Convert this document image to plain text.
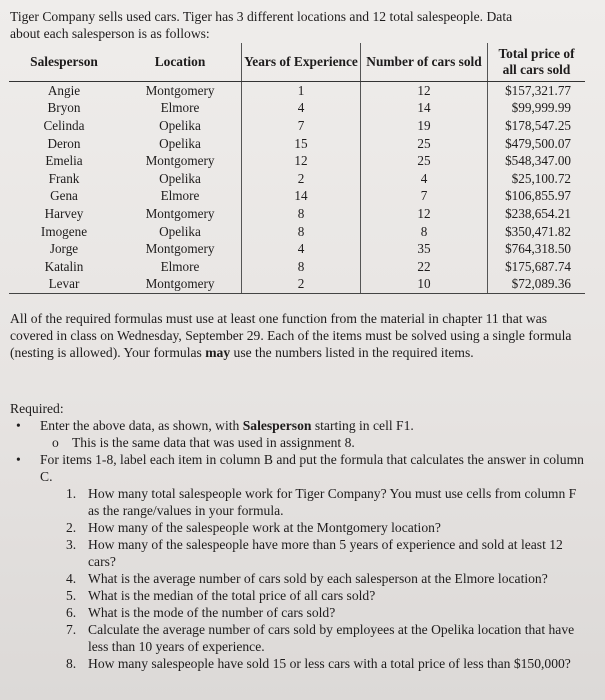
Tiger Company sells used cars. Tiger has 3 different locations and 12 total salespeople. Data
about each salesperson is as follows:
Salesperson	Location	Years of Experience	Number of cars sold	Total price of all cars sold
Angie	Montgomery	1	12	$157,321.77
Bryon	Elmore	4	14	$99,999.99
Celinda	Opelika	7	19	$178,547.25
Deron	Opelika	15	25	$479,500.07
Emelia	Montgomery	12	25	$548,347.00
Frank	Opelika	2	4	$25,100.72
Gena	Elmore	14	7	$106,855.97
Harvey	Montgomery	8	12	$238,654.21
Imogene	Opelika	8	8	$350,471.82
Jorge	Montgomery	4	35	$764,318.50
Katalin	Elmore	8	22	$175,687.74
Levar	Montgomery	2	10	$72,089.36
All of the required formulas must use at least one function from the material in chapter 11 that was covered in class on Wednesday, September 29. Each of the items must be solved using a single formula (nesting is allowed). Your formulas may use the numbers listed in the required items.
Required:
• Enter the above data, as shown, with Salesperson starting in cell F1.
o This is the same data that was used in assignment 8.
• For items 1-8, label each item in column B and put the formula that calculates the answer in column C.
1. How many total salespeople work for Tiger Company? You must use cells from column F as the range/values in your formula.
2. How many of the salespeople work at the Montgomery location?
3. How many of the salespeople have more than 5 years of experience and sold at least 12 cars?
4. What is the average number of cars sold by each salesperson at the Elmore location?
5. What is the median of the total price of all cars sold?
6. What is the mode of the number of cars sold?
7. Calculate the average number of cars sold by employees at the Opelika location that have less than 10 years of experience.
8. How many salespeople have sold 15 or less cars with a total price of less than $150,000?
